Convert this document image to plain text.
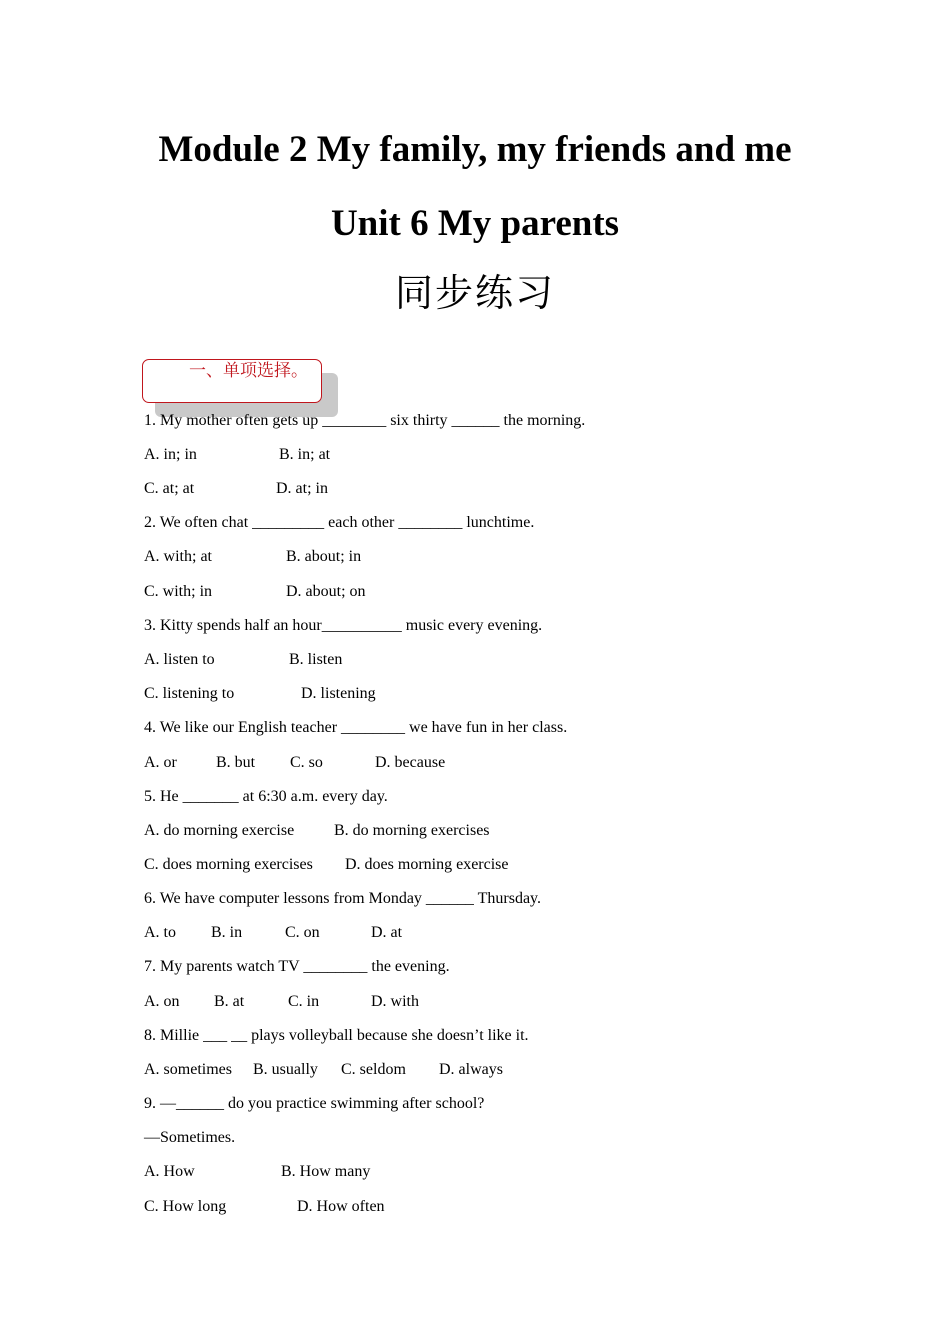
Module 2 My family, my friends and me
Unit 6 My parents
同步练习
一、单项选择。
1. My mother often gets up ________ six thirty ______ the morning.
A. in; in	B. in; at
C. at; at	D. at; in
2. We often chat _________ each other ________ lunchtime.
A. with; at	B. about; in
C. with; in	D. about; on
3. Kitty spends half an hour__________ music every evening.
A. listen to	B. listen
C. listening to	D. listening
4. We like our English teacher ________ we have fun in her class.
A. or B. but C. so	D. because
5. He _______ at 6:30 a.m. every day.
A. do morning exercise B. do morning exercises
C. does morning exercises D. does morning exercise
6. We have computer lessons from Monday ______ Thursday.
A. to B. in	C. on	D. at
7. My parents watch TV ________ the evening.
A. on B. at	C. in	D. with
8. Millie ___ __ plays volleyball because she doesn’t like it.
A. sometimes B. usually C. seldom D. always
9. —______ do you practice swimming after school?
—Sometimes.
A. How	B. How many
C. How long	D. How often
